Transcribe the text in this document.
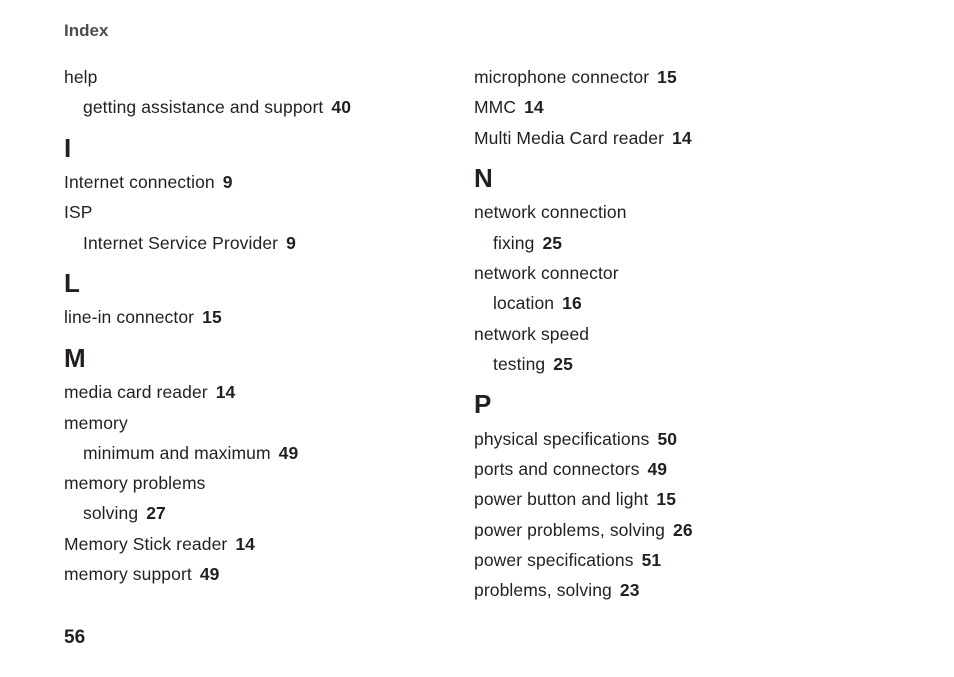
Index
help
getting assistance and support 40
I
Internet connection 9
ISP
Internet Service Provider 9
L
line-in connector 15
M
media card reader 14
memory
minimum and maximum 49
memory problems
solving 27
Memory Stick reader 14
memory support 49
microphone connector 15
MMC 14
Multi Media Card reader 14
N
network connection
fixing 25
network connector
location 16
network speed
testing 25
P
physical specifications 50
ports and connectors 49
power button and light 15
power problems, solving 26
power specifications 51
problems, solving 23
56
